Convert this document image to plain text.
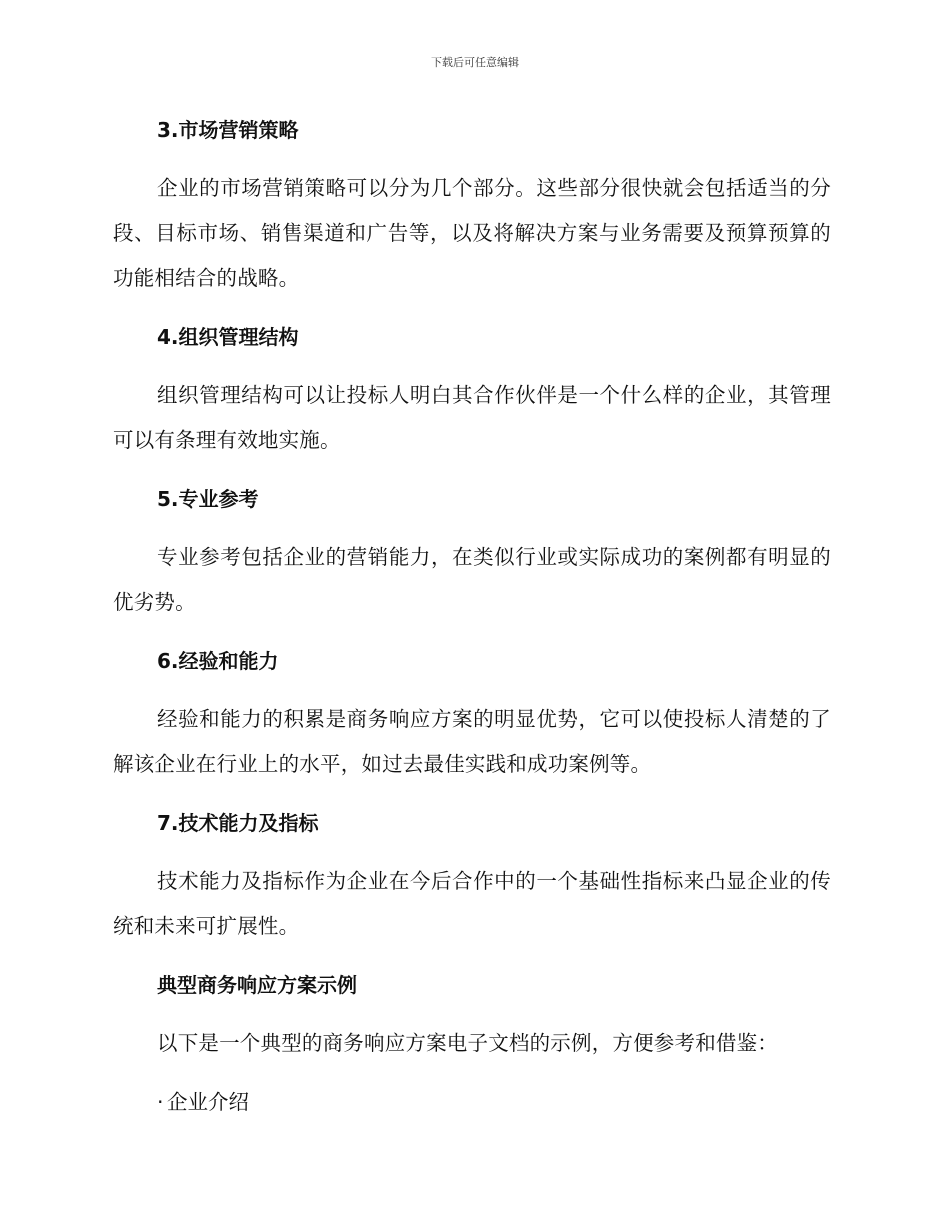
下载后可任意编辑
3.市场营销策略

企业的市场营销策略可以分为几个部分。这些部分很快就会包括适当的分段、目标市场、销售渠道和广告等，以及将解决方案与业务需要及预算预算的功能相结合的战略。

4.组织管理结构

组织管理结构可以让投标人明白其合作伙伴是一个什么样的企业，其管理可以有条理有效地实施。

5.专业参考

专业参考包括企业的营销能力，在类似行业或实际成功的案例都有明显的优劣势。

6.经验和能力

经验和能力的积累是商务响应方案的明显优势，它可以使投标人清楚的了解该企业在行业上的水平，如过去最佳实践和成功案例等。

7.技术能力及指标

技术能力及指标作为企业在今后合作中的一个基础性指标来凸显企业的传统和未来可扩展性。

典型商务响应方案示例

以下是一个典型的商务响应方案电子文档的示例，方便参考和借鉴：

· 企业介绍
